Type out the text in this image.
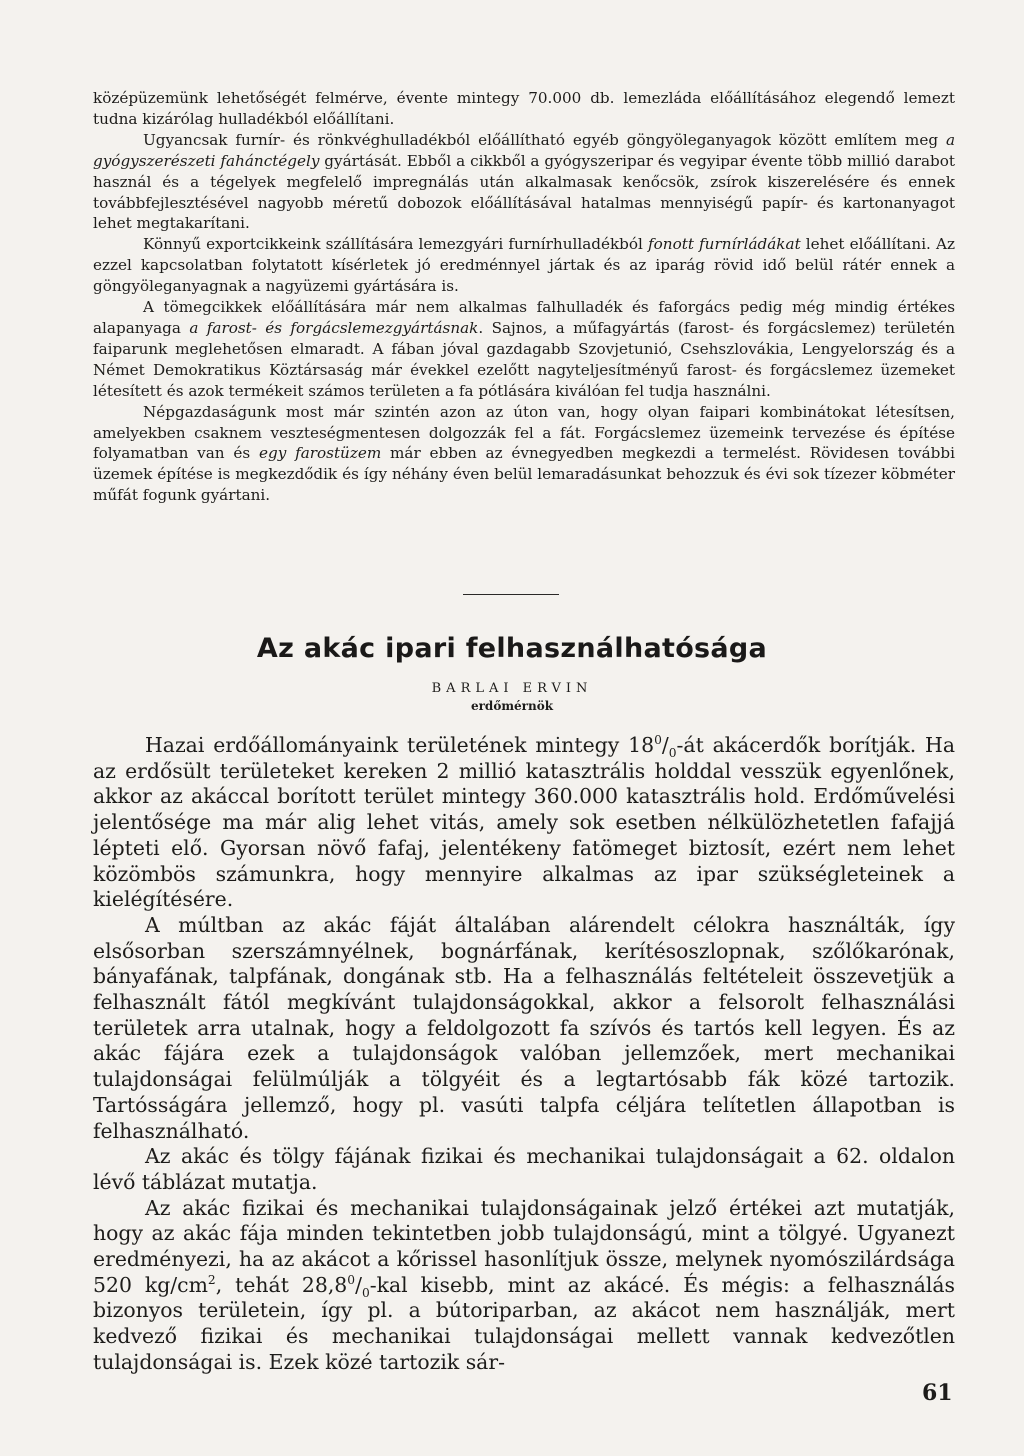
középüzemünk lehetőségét felmérve, évente mintegy 70.000 db. lemezláda előállításához elegendő lemezt tudna kizárólag hulladékból előállítani.

Ugyancsak furnír- és rönkvéghulladékból előállítható egyéb göngyöleganyagok között említem meg a gyógyszerészeti fahánctégely gyártását. Ebből a cikkből a gyógyszeripar és vegyipar évente több millió darabot használ és a tégelyek megfelelő impregnálás után alkalmasak kenőcsök, zsírok kiszerelésére és ennek továbbfejlesztésével nagyobb méretű dobozok előállításával hatalmas mennyiségű papír- és kartonanyagot lehet megtakarítani.

Könnyű exportcikkeink szállítására lemezgyári furnírhulladékból fonott furnírládákat lehet előállítani. Az ezzel kapcsolatban folytatott kísérletek jó eredménnyel jártak és az iparág rövid idő belül rátér ennek a göngyöleganyagnak a nagyüzemi gyártására is.

A tömegcikkek előállítására már nem alkalmas falhulladék és faforgács pedig még mindig értékes alapanyaga a farost- és forgácslemezgyártásnak. Sajnos, a műfagyártás (farost- és forgácslemez) területén faiparunk meglehetősen elmaradt. A fában jóval gazdagabb Szovjetunió, Csehszlovákia, Lengyelország és a Német Demokratikus Köztársaság már évekkel ezelőtt nagyteljesítményű farost- és forgácslemez üzemeket létesített és azok termékeit számos területen a fa pótlására kiválóan fel tudja használni.

Népgazdaságunk most már szintén azon az úton van, hogy olyan faipari kombinátokat létesítsen, amelyekben csaknem veszteségmentesen dolgozzák fel a fát. Forgácslemez üzemeink tervezése és építése folyamatban van és egy farostüzem már ebben az évnegyedben megkezdi a termelést. Rövidesen további üzemek építése is megkezdődik és így néhány éven belül lemaradásunkat behozzuk és évi sok tízezer köbméter műfát fogunk gyártani.

Az akác ipari felhasználhatósága
BARLAI ERVIN
erdőmérnök

Hazai erdőállományaink területének mintegy $18^0/_0-át$ akácerdők borítják. Ha az erdősült területeket kereken 2 millió katasztrális holddal vesszük egyenlőnek, akkor az akáccal borított terület mintegy 360.000 katasztrális hold. Erdőművelési jelentősége ma már alig lehet vitás, amely sok esetben nélkülözhetetlen fafajjá lépteti elő. Gyorsan növő fafaj, jelentékeny fatömeget biztosít, ezért nem lehet közömbös számunkra, hogy mennyire alkalmas az ipar szükségleteinek a kielégítésére.

A múltban az akác fáját általában alárendelt célokra használták, így elsősorban szerszámnyélnek, bognárfának, kerítésoszlopnak, szőlőkarónak, bányafának, talpfának, dongának stb. Ha a felhasználás feltételeit összevetjük a felhasznált fától megkívánt tulajdonságokkal, akkor a felsorolt felhasználási területek arra utalnak, hogy a feldolgozott fa szívós és tartós kell legyen. És az akác fájára ezek a tulajdonságok valóban jellemzőek, mert mechanikai tulajdonságai felülmúlják a tölgyéit és a legtartósabb fák közé tartozik. Tartósságára jellemző, hogy pl. vasúti talpfa céljára telítetlen állapotban is felhasználható.

Az akác és tölgy fájának fizikai és mechanikai tulajdonságait a 62. oldalon lévő táblázat mutatja.

Az akác fizikai és mechanikai tulajdonságainak jelző értékei azt mutatják, hogy az akác fája minden tekintetben jobb tulajdonságú, mint a tölgyé. Ugyanezt eredményezi, ha az akácot a kőrissel hasonlítjuk össze, melynek nyomószilárdsága 520 $kg/cm^2$, tehát $28,8^0/_0$-kal kisebb, mint az akácé. És mégis: a felhasználás bizonyos területein, így pl. a bútoriparban, az akácot nem használják, mert kedvező fizikai és mechanikai tulajdonságai mellett vannak kedvezőtlen tulajdonságai is. Ezek közé tartozik sár-

61
